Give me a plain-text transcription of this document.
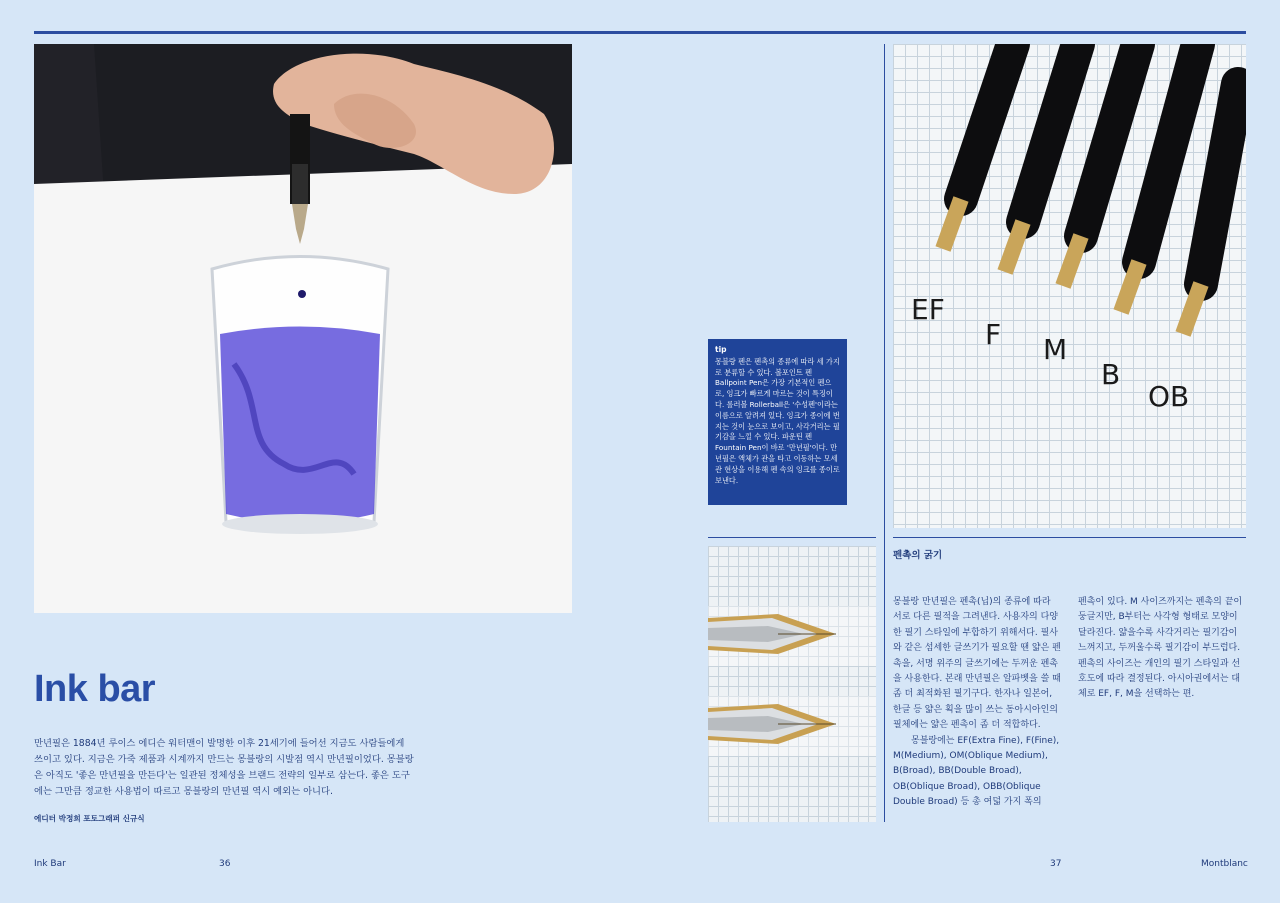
tip
몽블랑 펜은 펜촉의 종류에 따라 세 가지로 분류할 수 있다. 볼포인트 펜 Ballpoint Pen은 가장 기본적인 펜으로, 잉크가 빠르게 마르는 것이 특징이다. 롤러볼 Rollerball은 '수성펜'이라는 이름으로 알려져 있다. 잉크가 종이에 번지는 것이 눈으로 보이고, 사각거리는 필기감을 느낄 수 있다. 파운틴 펜 Fountain Pen이 바로 '만년필'이다. 만년필은 액체가 관을 타고 이동하는 모세관 현상을 이용해 펜 속의 잉크를 종이로 보낸다.
EF
F M
B
OB
Ink bar
만년필은 1884년 루이스 에디슨 워터맨이 발명한 이후 21세기에 들어선 지금도 사람들에게 쓰이고 있다. 지금은 가죽 제품과 시계까지 만드는 몽블랑의 시발점 역시 만년필이었다. 몽블랑은 아직도 '좋은 만년필을 만든다'는 일관된 정체성을 브랜드 전략의 일부로 삼는다. 좋은 도구에는 그만큼 정교한 사용법이 따르고 몽블랑의 만년필 역시 예외는 아니다.
에디터 박정희 포토그래퍼 신규식
펜촉의 굵기
몽블랑 만년필은 펜촉(닙)의 종류에 따라 서로 다른 필적을 그려낸다. 사용자의 다양한 필기 스타일에 부합하기 위해서다. 필사와 같은 섬세한 글쓰기가 필요할 땐 얇은 펜촉을, 서명 위주의 글쓰기에는 두꺼운 펜촉을 사용한다. 본래 만년필은 알파벳을 쓸 때 좀 더 최적화된 필기구다. 한자나 일본어, 한글 등 얇은 획을 많이 쓰는 동아시아인의 필체에는 얇은 펜촉이 좀 더 적합하다.
몽블랑에는 EF(Extra Fine), F(Fine), M(Medium), OM(Oblique Medium), B(Broad), BB(Double Broad), OB(Oblique Broad), OBB(Oblique Double Broad) 등 총 여덟 가지 폭의
펜촉이 있다. M 사이즈까지는 펜촉의 끝이 둥글지만, B부터는 사각형 형태로 모양이 달라진다. 얇을수록 사각거리는 필기감이 느껴지고, 두꺼울수록 필기감이 부드럽다. 펜촉의 사이즈는 개인의 필기 스타일과 선호도에 따라 결정된다. 아시아권에서는 대체로 EF, F, M을 선택하는 편.
Ink Bar	36	37	Montblanc
